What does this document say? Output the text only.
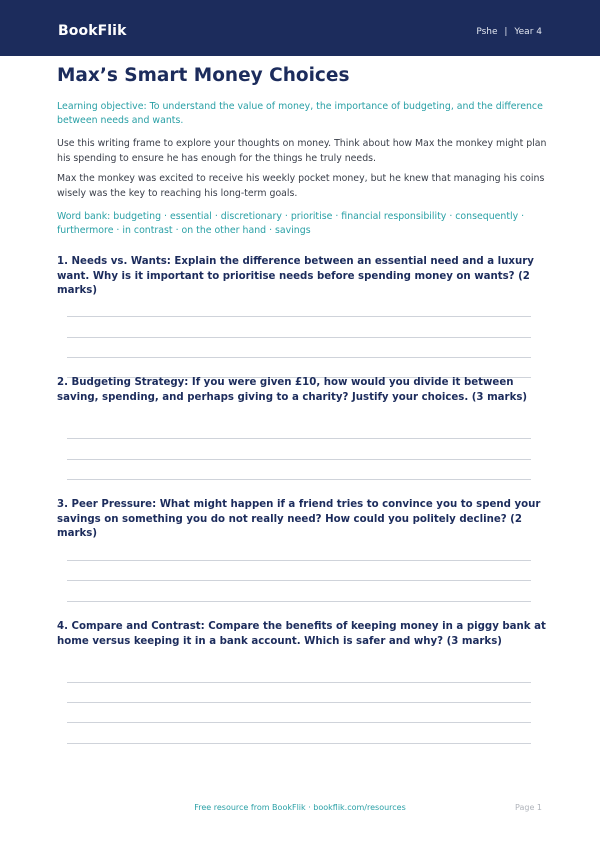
BookFlik	Pshe | Year 4
Max’s Smart Money Choices
Learning objective: To understand the value of money, the importance of budgeting, and the difference between needs and wants.
Use this writing frame to explore your thoughts on money. Think about how Max the monkey might plan his spending to ensure he has enough for the things he truly needs.
Max the monkey was excited to receive his weekly pocket money, but he knew that managing his coins wisely was the key to reaching his long-term goals.
Word bank: budgeting · essential · discretionary · prioritise · financial responsibility · consequently · furthermore · in contrast · on the other hand · savings
1. Needs vs. Wants: Explain the difference between an essential need and a luxury want. Why is it important to prioritise needs before spending money on wants? (2 marks)
2. Budgeting Strategy: If you were given £10, how would you divide it between saving, spending, and perhaps giving to a charity? Justify your choices. (3 marks)
3. Peer Pressure: What might happen if a friend tries to convince you to spend your savings on something you do not really need? How could you politely decline? (2 marks)
4. Compare and Contrast: Compare the benefits of keeping money in a piggy bank at home versus keeping it in a bank account. Which is safer and why? (3 marks)
Free resource from BookFlik · bookflik.com/resources	Page 1
